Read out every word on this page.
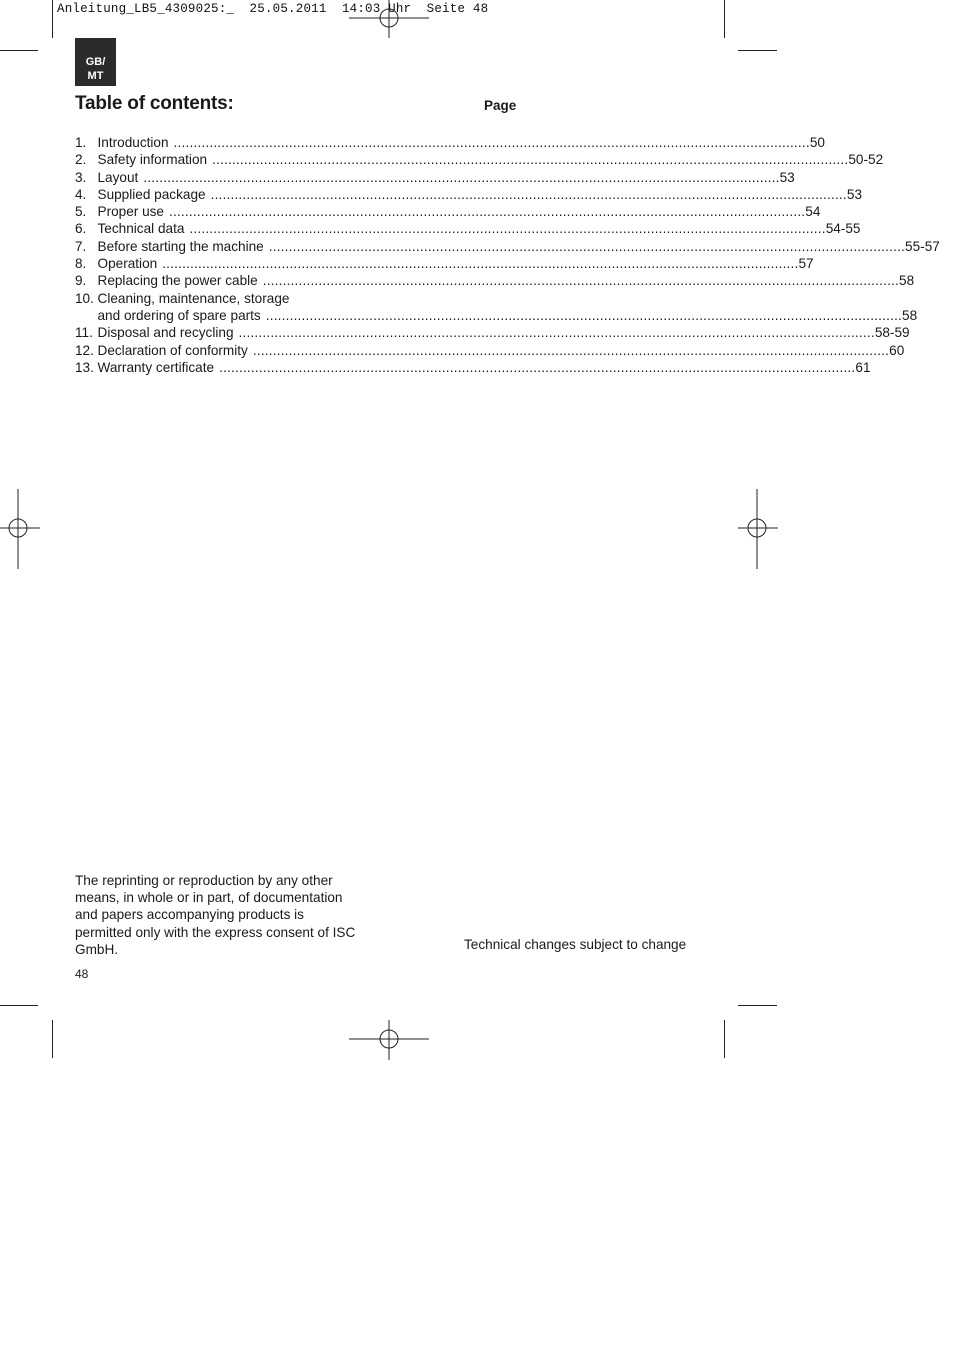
Anleitung_LB5_4309025:_  25.05.2011  14:03 Uhr  Seite 48
GB/
MT
Table of contents:	Page
1. Introduction ................................................................................................................................................................ 50
2. Safety information ................................................................................................................................................................ 50-52
3. Layout ................................................................................................................................................................ 53
4. Supplied package ................................................................................................................................................................ 53
5. Proper use ................................................................................................................................................................ 54
6. Technical data ................................................................................................................................................................ 54-55
7. Before starting the machine ................................................................................................................................................................ 55-57
8. Operation ................................................................................................................................................................ 57
9. Replacing the power cable ................................................................................................................................................................ 58
10. Cleaning, maintenance, storage
and ordering of spare parts ................................................................................................................................................................ 58
11. Disposal and recycling ................................................................................................................................................................ 58-59
12. Declaration of conformity ................................................................................................................................................................ 60
13. Warranty certificate ................................................................................................................................................................ 61
The reprinting or reproduction by any other
means, in whole or in part, of documentation
and papers accompanying products is
permitted only with the express consent of ISC
GmbH.	Technical changes subject to change
48
